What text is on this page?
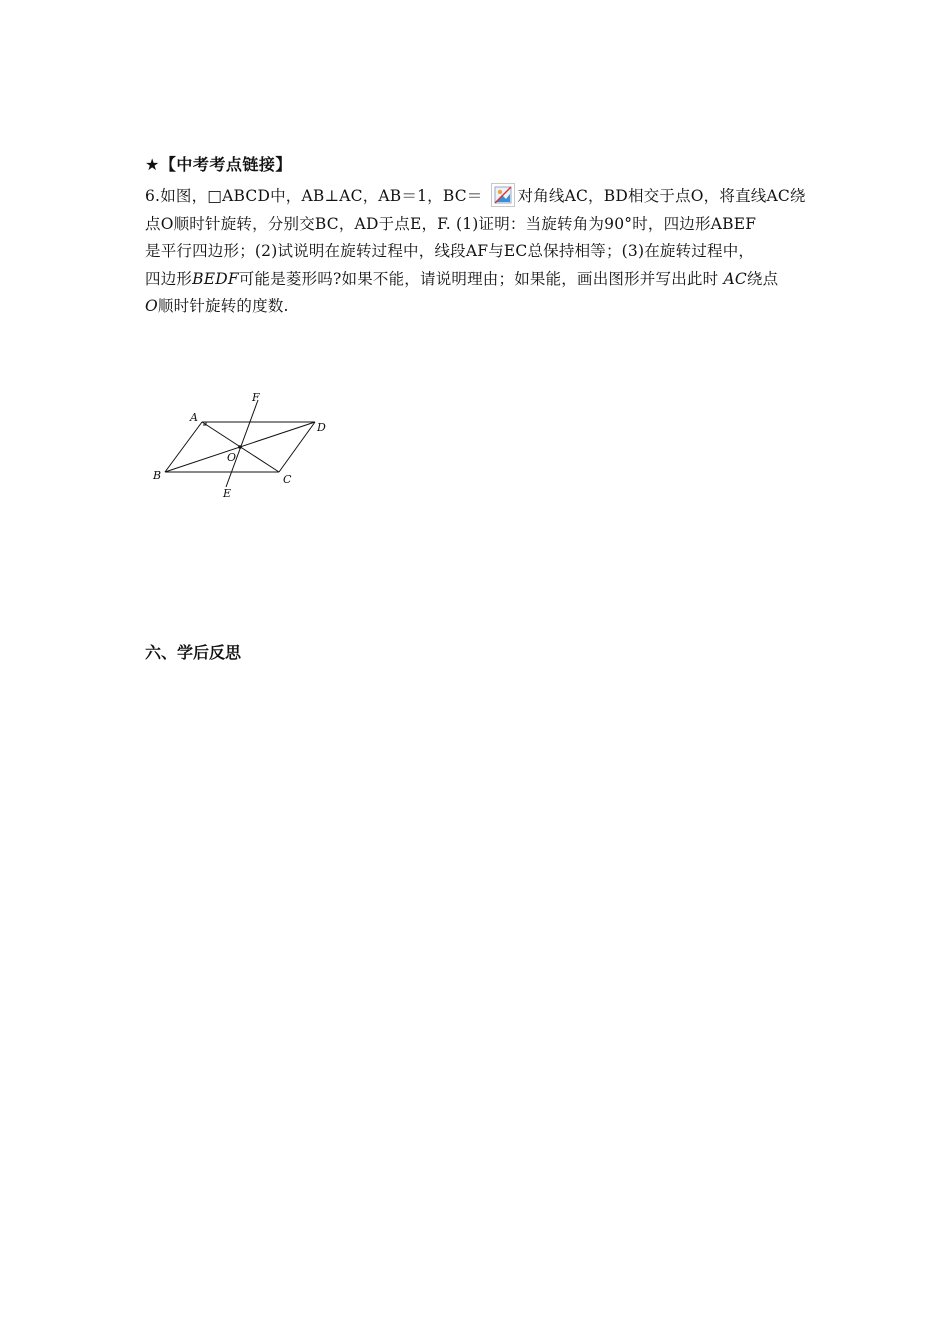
★【中考考点链接】
6.如图，□ABCD中，AB⊥AC，AB＝1，BC＝ 对角线AC，BD相交于点O，将直线AC绕
点O顺时针旋转，分别交BC，AD于点E，F. (1)证明：当旋转角为90°时，四边形ABEF
是平行四边形；(2)试说明在旋转过程中，线段AF与EC总保持相等；(3)在旋转过程中，
四边形BEDF可能是菱形吗?如果不能，请说明理由；如果能，画出图形并写出此时 AC绕点
O顺时针旋转的度数.
A
B	C
D
O
E
F
六、学后反思
